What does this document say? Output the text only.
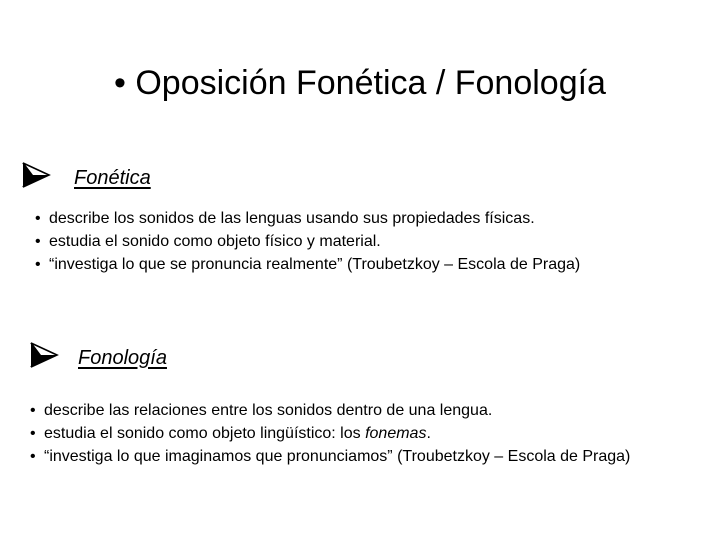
• Oposición Fonética / Fonología
Fonética
• describe los sonidos de las lenguas usando sus propiedades físicas.
• estudia el sonido como objeto físico y material.
• “investiga lo que se pronuncia realmente” (Troubetzkoy – Escola de Praga)
Fonología
• describe las relaciones entre los sonidos dentro de una lengua.
• estudia el sonido como objeto lingüístico: los fonemas.
• “investiga lo que imaginamos que pronunciamos” (Troubetzkoy – Escola de Praga)
